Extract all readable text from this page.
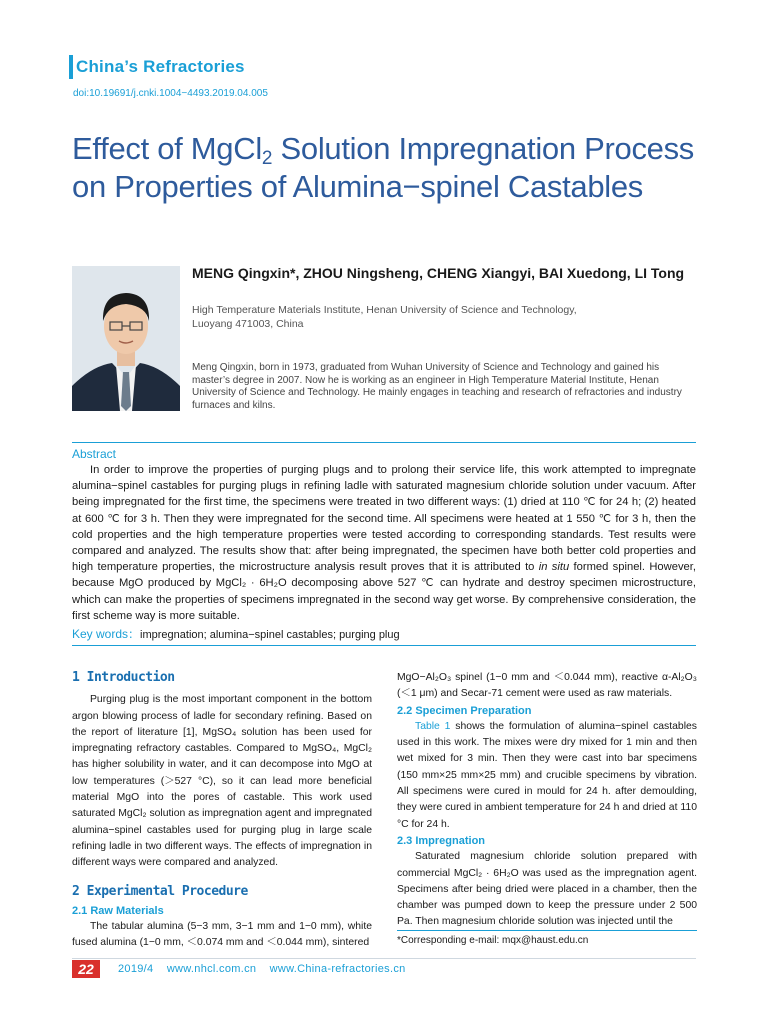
China’s Refractories
doi:10.19691/j.cnki.1004−4493.2019.04.005
Effect of MgCl$_2$ Solution Impregnation Process on Properties of Alumina−spinel Castables
MENG Qingxin*, ZHOU Ningsheng, CHENG Xiangyi, BAI Xuedong, LI Tong
High Temperature Materials Institute, Henan University of Science and Technology,
Luoyang 471003, China
Meng Qingxin, born in 1973, graduated from Wuhan University of Science and Technology and gained his master’s degree in 2007. Now he is working as an engineer in High Temperature Material Institute, Henan University of Science and Technology. He mainly engages in teaching and research of refractories and industry furnaces and kilns.
Abstract

In order to improve the properties of purging plugs and to prolong their service life, this work attempted to impregnate alumina−spinel castables for purging plugs in refining ladle with saturated magnesium chloride solution under vacuum. After being impregnated for the first time, the specimens were treated in two different ways: (1) dried at 110 ℃ for 24 h; (2) heated at 600 ℃ for 3 h. Then they were impregnated for the second time. All specimens were heated at 1 550 ℃ for 3 h, then the cold properties and the high temperature properties were tested according to corresponding standards. Test results were compared and analyzed. The results show that: after being impregnated, the specimen have both better cold properties and high temperature properties, the microstructure analysis result proves that it is attributed to in situ formed spinel. However, because MgO produced by MgCl₂ · 6H₂O decomposing above 527 ℃ can hydrate and destroy specimen microstructure, which can make the properties of specimens impregnated in the second way get worse. By comprehensive consideration, the first scheme way is more suitable.

Key words：impregnation; alumina−spinel castables; purging plug
1 Introduction

Purging plug is the most important component in the bottom argon blowing process of ladle for secondary refining. Based on the report of literature [1], MgSO₄ solution has been used for impregnating refractory castables. Compared to MgSO₄, MgCl₂ has higher solubility in water, and it can decompose into MgO at low temperatures (＞527 °C), so it can lead more beneficial material MgO into the pores of castable. This work used saturated MgCl₂ solution as impregnation agent and impregnated alumina−spinel castables used for purging plug in large scale refining ladle in two different ways. The effects of impregnation in different ways were compared and analyzed.

2 Experimental Procedure
2.1 Raw Materials

The tabular alumina (5−3 mm, 3−1 mm and 1−0 mm), white fused alumina (1−0 mm, ＜0.074 mm and ＜0.044 mm), sintered

MgO−Al₂O₃ spinel (1−0 mm and ＜0.044 mm), reactive α-Al₂O₃ (＜1 μm) and Secar-71 cement were used as raw materials.

2.2 Specimen Preparation

Table 1 shows the formulation of alumina−spinel castables used in this work. The mixes were dry mixed for 1 min and then wet mixed for 3 min. Then they were cast into bar specimens (150 mm×25 mm×25 mm) and crucible specimens by vibration. All specimens were cured in mould for 24 h. after demoulding, they were cured in ambient temperature for 24 h and dried at 110 °C for 24 h.

2.3 Impregnation

Saturated magnesium chloride solution prepared with commercial MgCl₂ · 6H₂O was used as the impregnation agent. Specimens after being dried were placed in a chamber, then the chamber was pumped down to keep the pressure under 2 500 Pa. Then magnesium chloride solution was injected until the

*Corresponding e-mail: mqx@haust.edu.cn
22	2019/4 www.nhcl.com.cn www.China-refractories.cn
